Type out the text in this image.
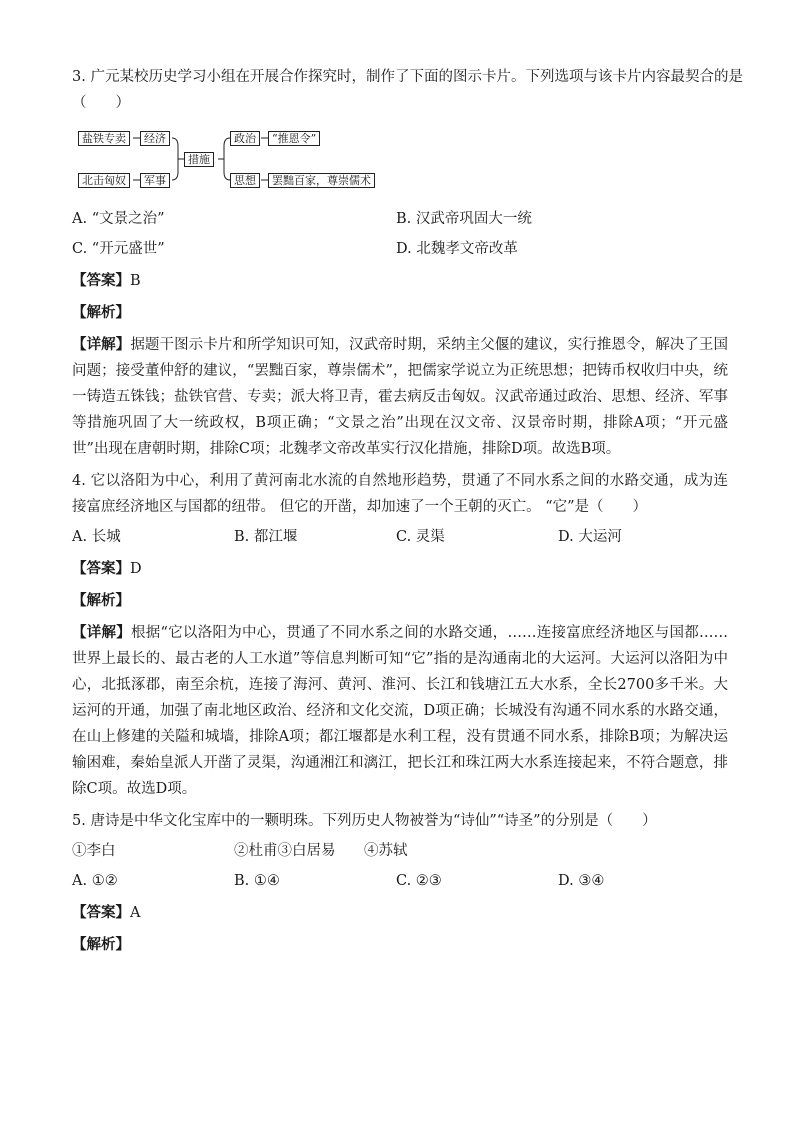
3. 广元某校历史学习小组在开展合作探究时，制作了下面的图示卡片。下列选项与该卡片内容最契合的是

（　　）

盐铁专卖	经济
北击匈奴	军事
措施
政治	“推恩令”
思想	罢黜百家，尊崇儒术
A. “文景之治”	B. 汉武帝巩固大一统
C. “开元盛世”	D. 北魏孝文帝改革

【答案】B

【解析】

【详解】据题干图示卡片和所学知识可知，汉武帝时期，采纳主父偃的建议，实行推恩令，解决了王国问题；接受董仲舒的建议，“罢黜百家，尊崇儒术”，把儒家学说立为正统思想；把铸币权收归中央，统一铸造五铢钱；盐铁官营、专卖；派大将卫青，霍去病反击匈奴。汉武帝通过政治、思想、经济、军事等措施巩固了大一统政权，B项正确；“文景之治”出现在汉文帝、汉景帝时期，排除A项；“开元盛世”出现在唐朝时期，排除C项；北魏孝文帝改革实行汉化措施，排除D项。故选B项。

4. 它以洛阳为中心，利用了黄河南北水流的自然地形趋势，贯通了不同水系之间的水路交通，成为连接富庶经济地区与国都的纽带。 但它的开凿，却加速了一个王朝的灭亡。 “它”是（　　）

A. 长城	B. 都江堰	C. 灵渠	D. 大运河

【答案】D

【解析】

【详解】根据“它以洛阳为中心，贯通了不同水系之间的水路交通，……连接富庶经济地区与国都……世界上最长的、最古老的人工水道”等信息判断可知“它”指的是沟通南北的大运河。大运河以洛阳为中心，北抵涿郡，南至余杭，连接了海河、黄河、淮河、长江和钱塘江五大水系，全长2700多千米。大运河的开通，加强了南北地区政治、经济和文化交流，D项正确；长城没有沟通不同水系的水路交通，在山上修建的关隘和城墙，排除A项；都江堰都是水利工程，没有贯通不同水系，排除B项；为解决运输困难，秦始皇派人开凿了灵渠，沟通湘江和漓江，把长江和珠江两大水系连接起来，不符合题意，排除C项。故选D项。

5. 唐诗是中华文化宝库中的一颗明珠。下列历史人物被誉为“诗仙”“诗圣”的分别是（　　）

①李白	②杜甫③白居易	④苏轼
A. ①②	B. ①④	C. ②③	D. ③④

【答案】A

【解析】
